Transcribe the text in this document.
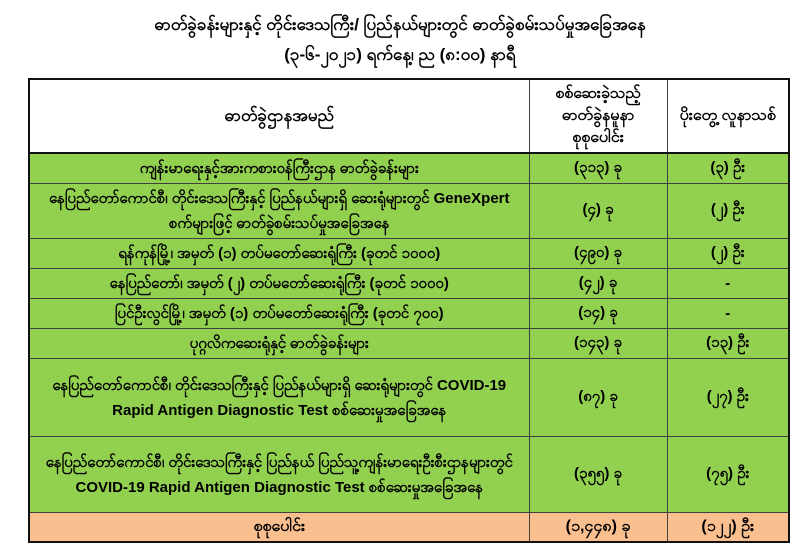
ဓာတ်ခွဲခန်းများနှင့် တိုင်းဒေသကြီး/ ပြည်နယ်များတွင် ဓာတ်ခွဲစမ်းသပ်မှုအခြေအနေ
(၃-၆-၂၀၂၁) ရက်နေ့၊ ည (၈:၀၀) နာရီ
ဓာတ်ခွဲဌာနအမည်	စစ်ဆေးခဲ့သည့် ဓာတ်ခွဲနမူနာ စုစုပေါင်း	ပိုးတွေ့ လူနာသစ်
ကျန်းမာရေးနှင့်အားကစားဝန်ကြီးဌာန ဓာတ်ခွဲခန်းများ	(၃၁၃) ခု	(၃) ဦး
နေပြည်တော်ကောင်စီ၊ တိုင်းဒေသကြီးနှင့် ပြည်နယ်များရှိ ဆေးရုံများတွင် GeneXpert စက်များဖြင့် ဓာတ်ခွဲစမ်းသပ်မှုအခြေအနေ	(၄) ခု	(၂) ဦး
ရန်ကုန်မြို့၊ အမှတ် (၁) တပ်မတော်ဆေးရုံကြီး (ခုတင် ၁၀၀၀)	(၄၉၀) ခု	(၂) ဦး
နေပြည်တော်၊ အမှတ် (၂) တပ်မတော်ဆေးရုံကြီး (ခုတင် ၁၀၀၀)	(၄၂) ခု	-
ပြင်ဦးလွင်မြို့၊ အမှတ် (၁) တပ်မတော်ဆေးရုံကြီး (ခုတင် ၇၀၀)	(၁၄) ခု	-
ပုဂ္ဂလိကဆေးရုံနှင့် ဓာတ်ခွဲခန်းများ	(၁၄၃) ခု	(၁၃) ဦး
နေပြည်တော်ကောင်စီ၊ တိုင်းဒေသကြီးနှင့် ပြည်နယ်များရှိ ဆေးရုံများတွင် COVID-19 Rapid Antigen Diagnostic Test စစ်ဆေးမှုအခြေအနေ	(၈၇) ခု	(၂၇) ဦး
နေပြည်တော်ကောင်စီ၊ တိုင်းဒေသကြီးနှင့် ပြည်နယ် ပြည်သူ့ကျန်းမာရေးဦးစီးဌာနများတွင် COVID-19 Rapid Antigen Diagnostic Test စစ်ဆေးမှုအခြေအနေ	(၃၅၅) ခု	(၇၅) ဦး
စုစုပေါင်း	(၁,၄၄၈) ခု	(၁၂၂) ဦး
